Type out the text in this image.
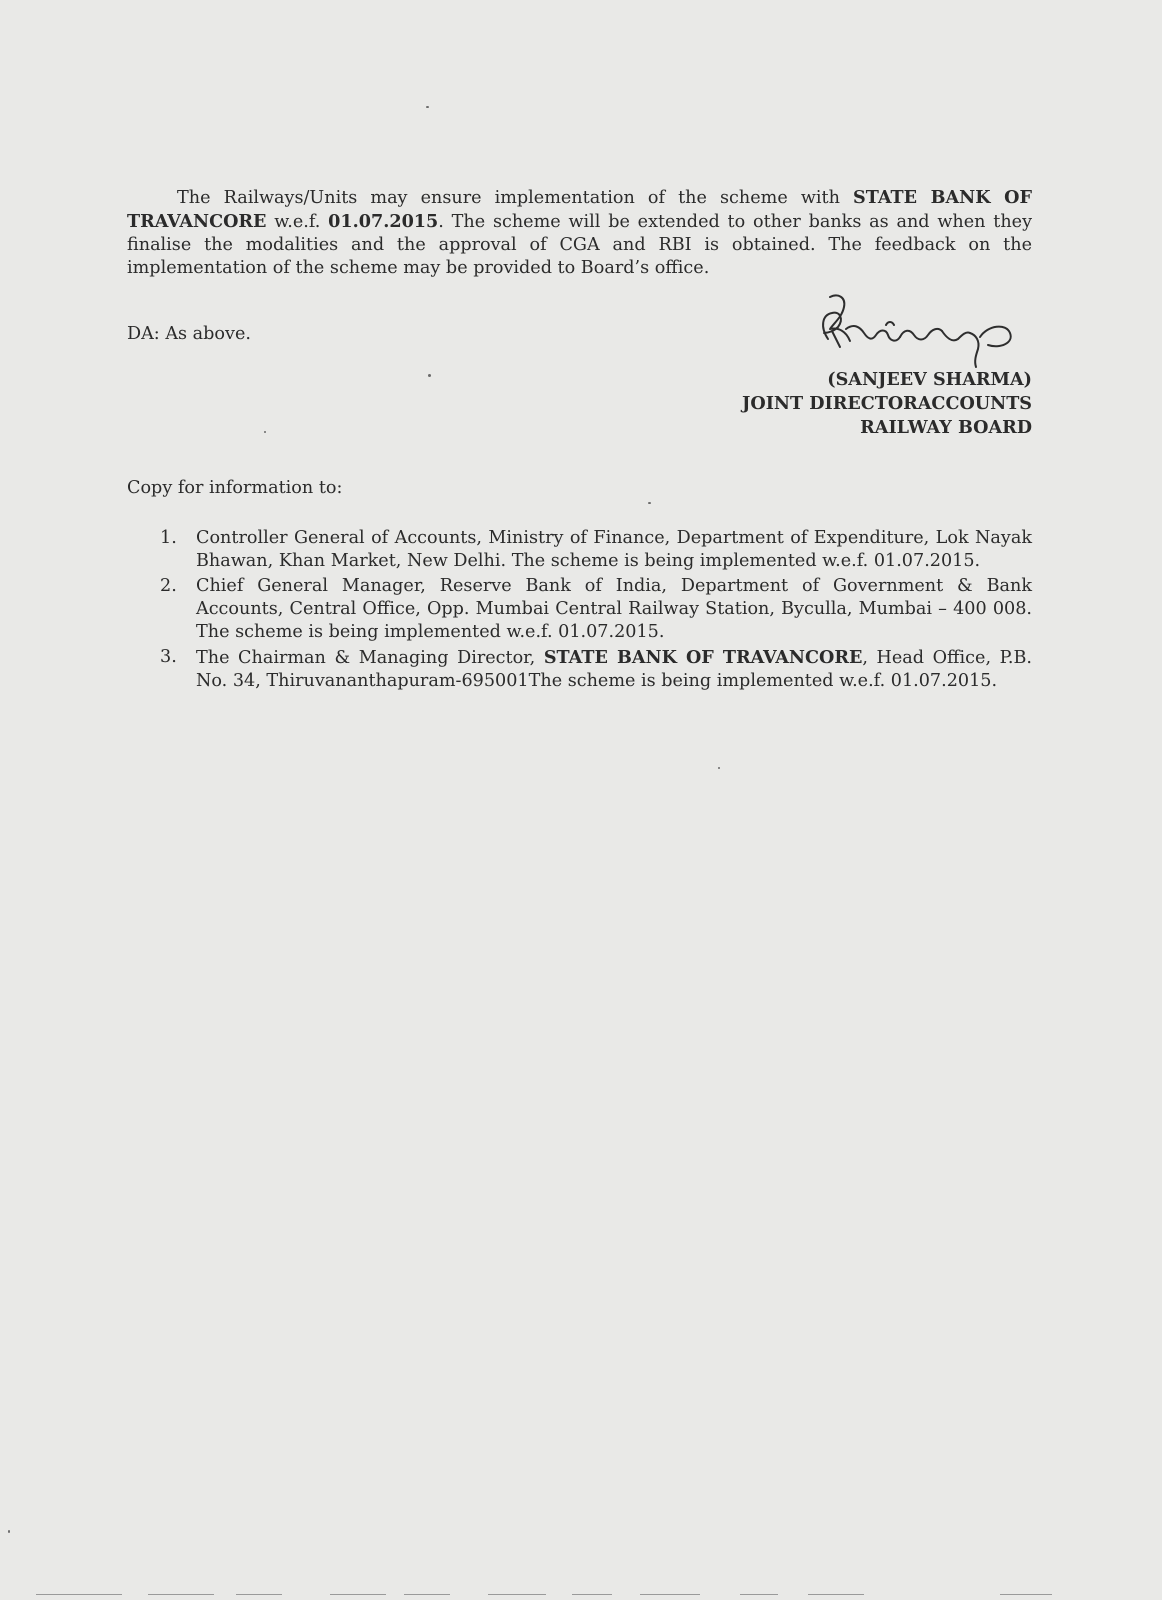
The Railways/Units may ensure implementation of the scheme with STATE BANK OF TRAVANCORE w.e.f. 01.07.2015. The scheme will be extended to other banks as and when they finalise the modalities and the approval of CGA and RBI is obtained. The feedback on the implementation of the scheme may be provided to Board’s office.

DA: As above.

(SANJEEV SHARMA)
JOINT DIRECTORACCOUNTS
RAILWAY BOARD

Copy for information to:

1. Controller General of Accounts, Ministry of Finance, Department of Expenditure, Lok Nayak Bhawan, Khan Market, New Delhi. The scheme is being implemented w.e.f. 01.07.2015.
2. Chief General Manager, Reserve Bank of India, Department of Government & Bank Accounts, Central Office, Opp. Mumbai Central Railway Station, Byculla, Mumbai – 400 008. The scheme is being implemented w.e.f. 01.07.2015.
3. The Chairman & Managing Director, STATE BANK OF TRAVANCORE, Head Office, P.B. No. 34, Thiruvananthapuram-695001The scheme is being implemented w.e.f. 01.07.2015.
